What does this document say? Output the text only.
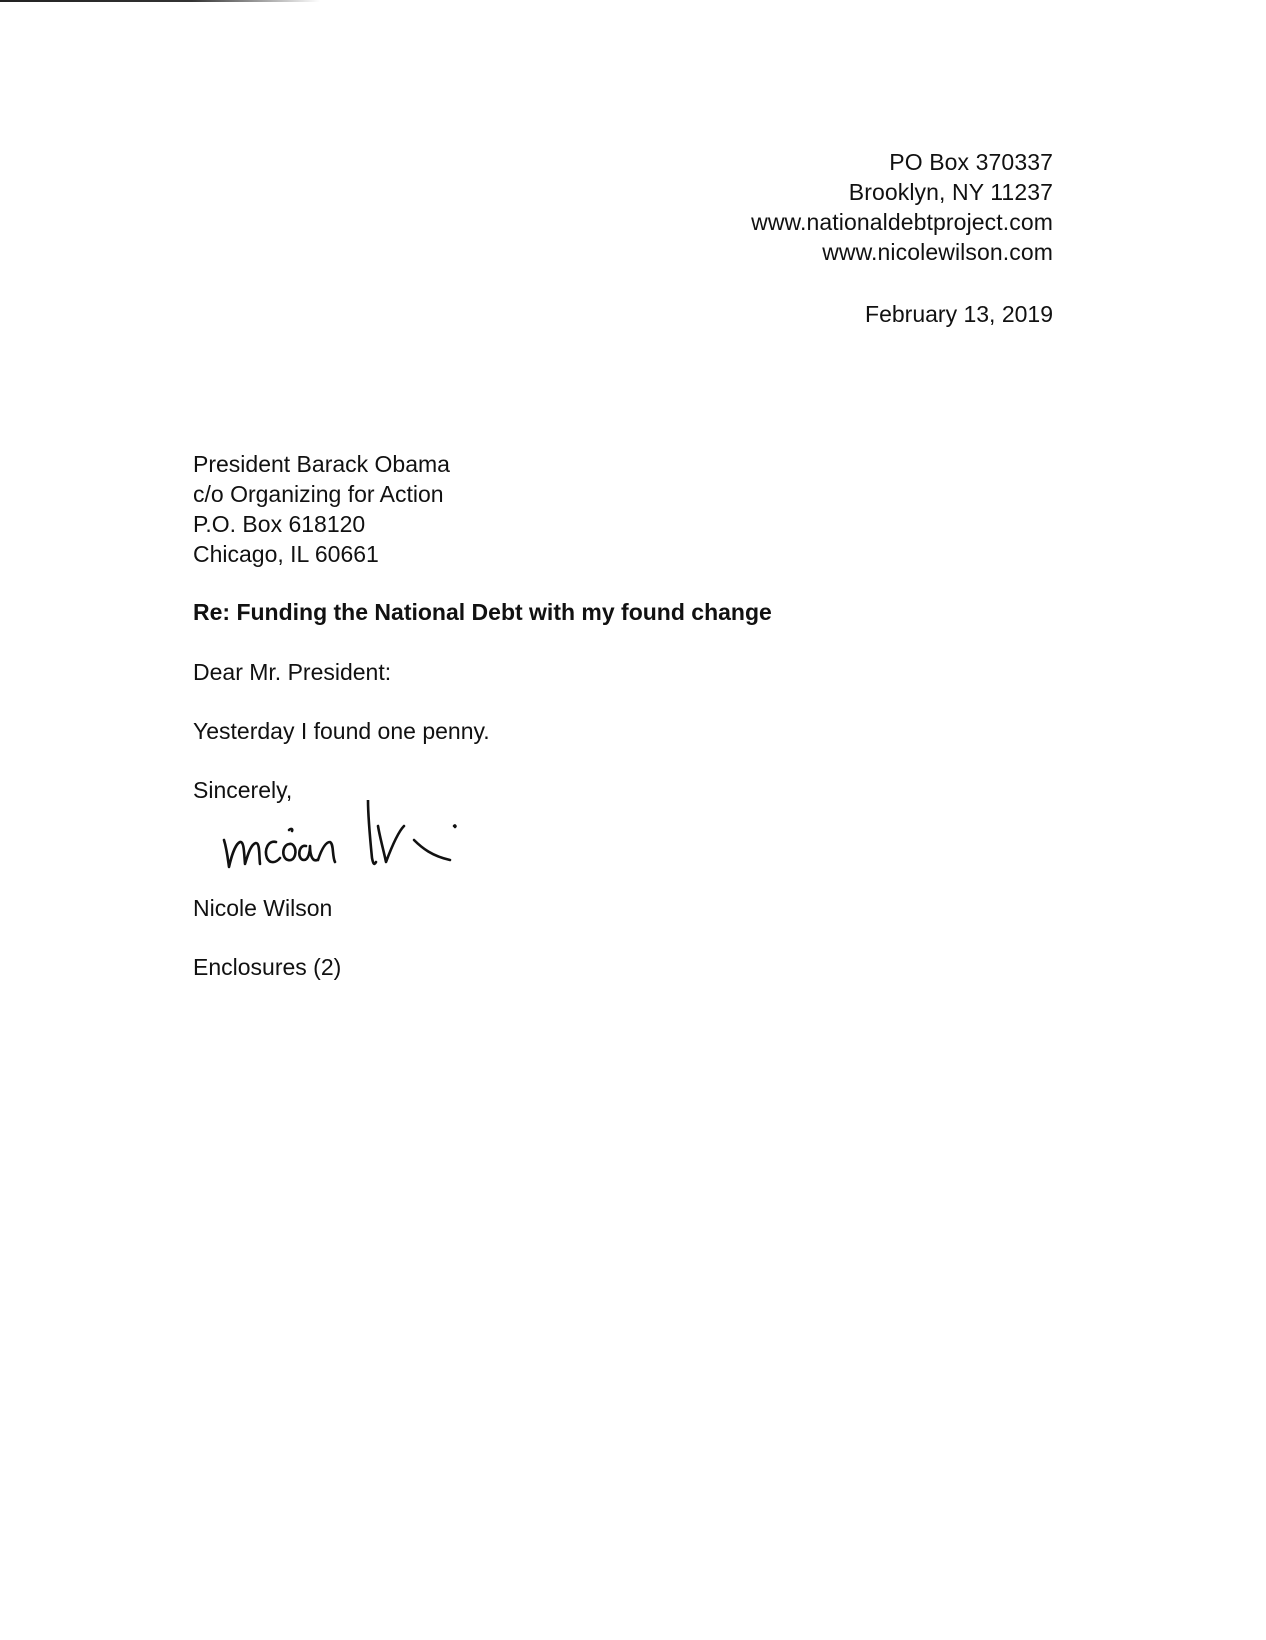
PO Box 370337
Brooklyn, NY 11237
www.nationaldebtproject.com
www.nicolewilson.com
February 13, 2019
President Barack Obama
c/o Organizing for Action
P.O. Box 618120
Chicago, IL 60661
Re: Funding the National Debt with my found change
Dear Mr. President:
Yesterday I found one penny.
Sincerely,
Nicole Wilson
Enclosures (2)
